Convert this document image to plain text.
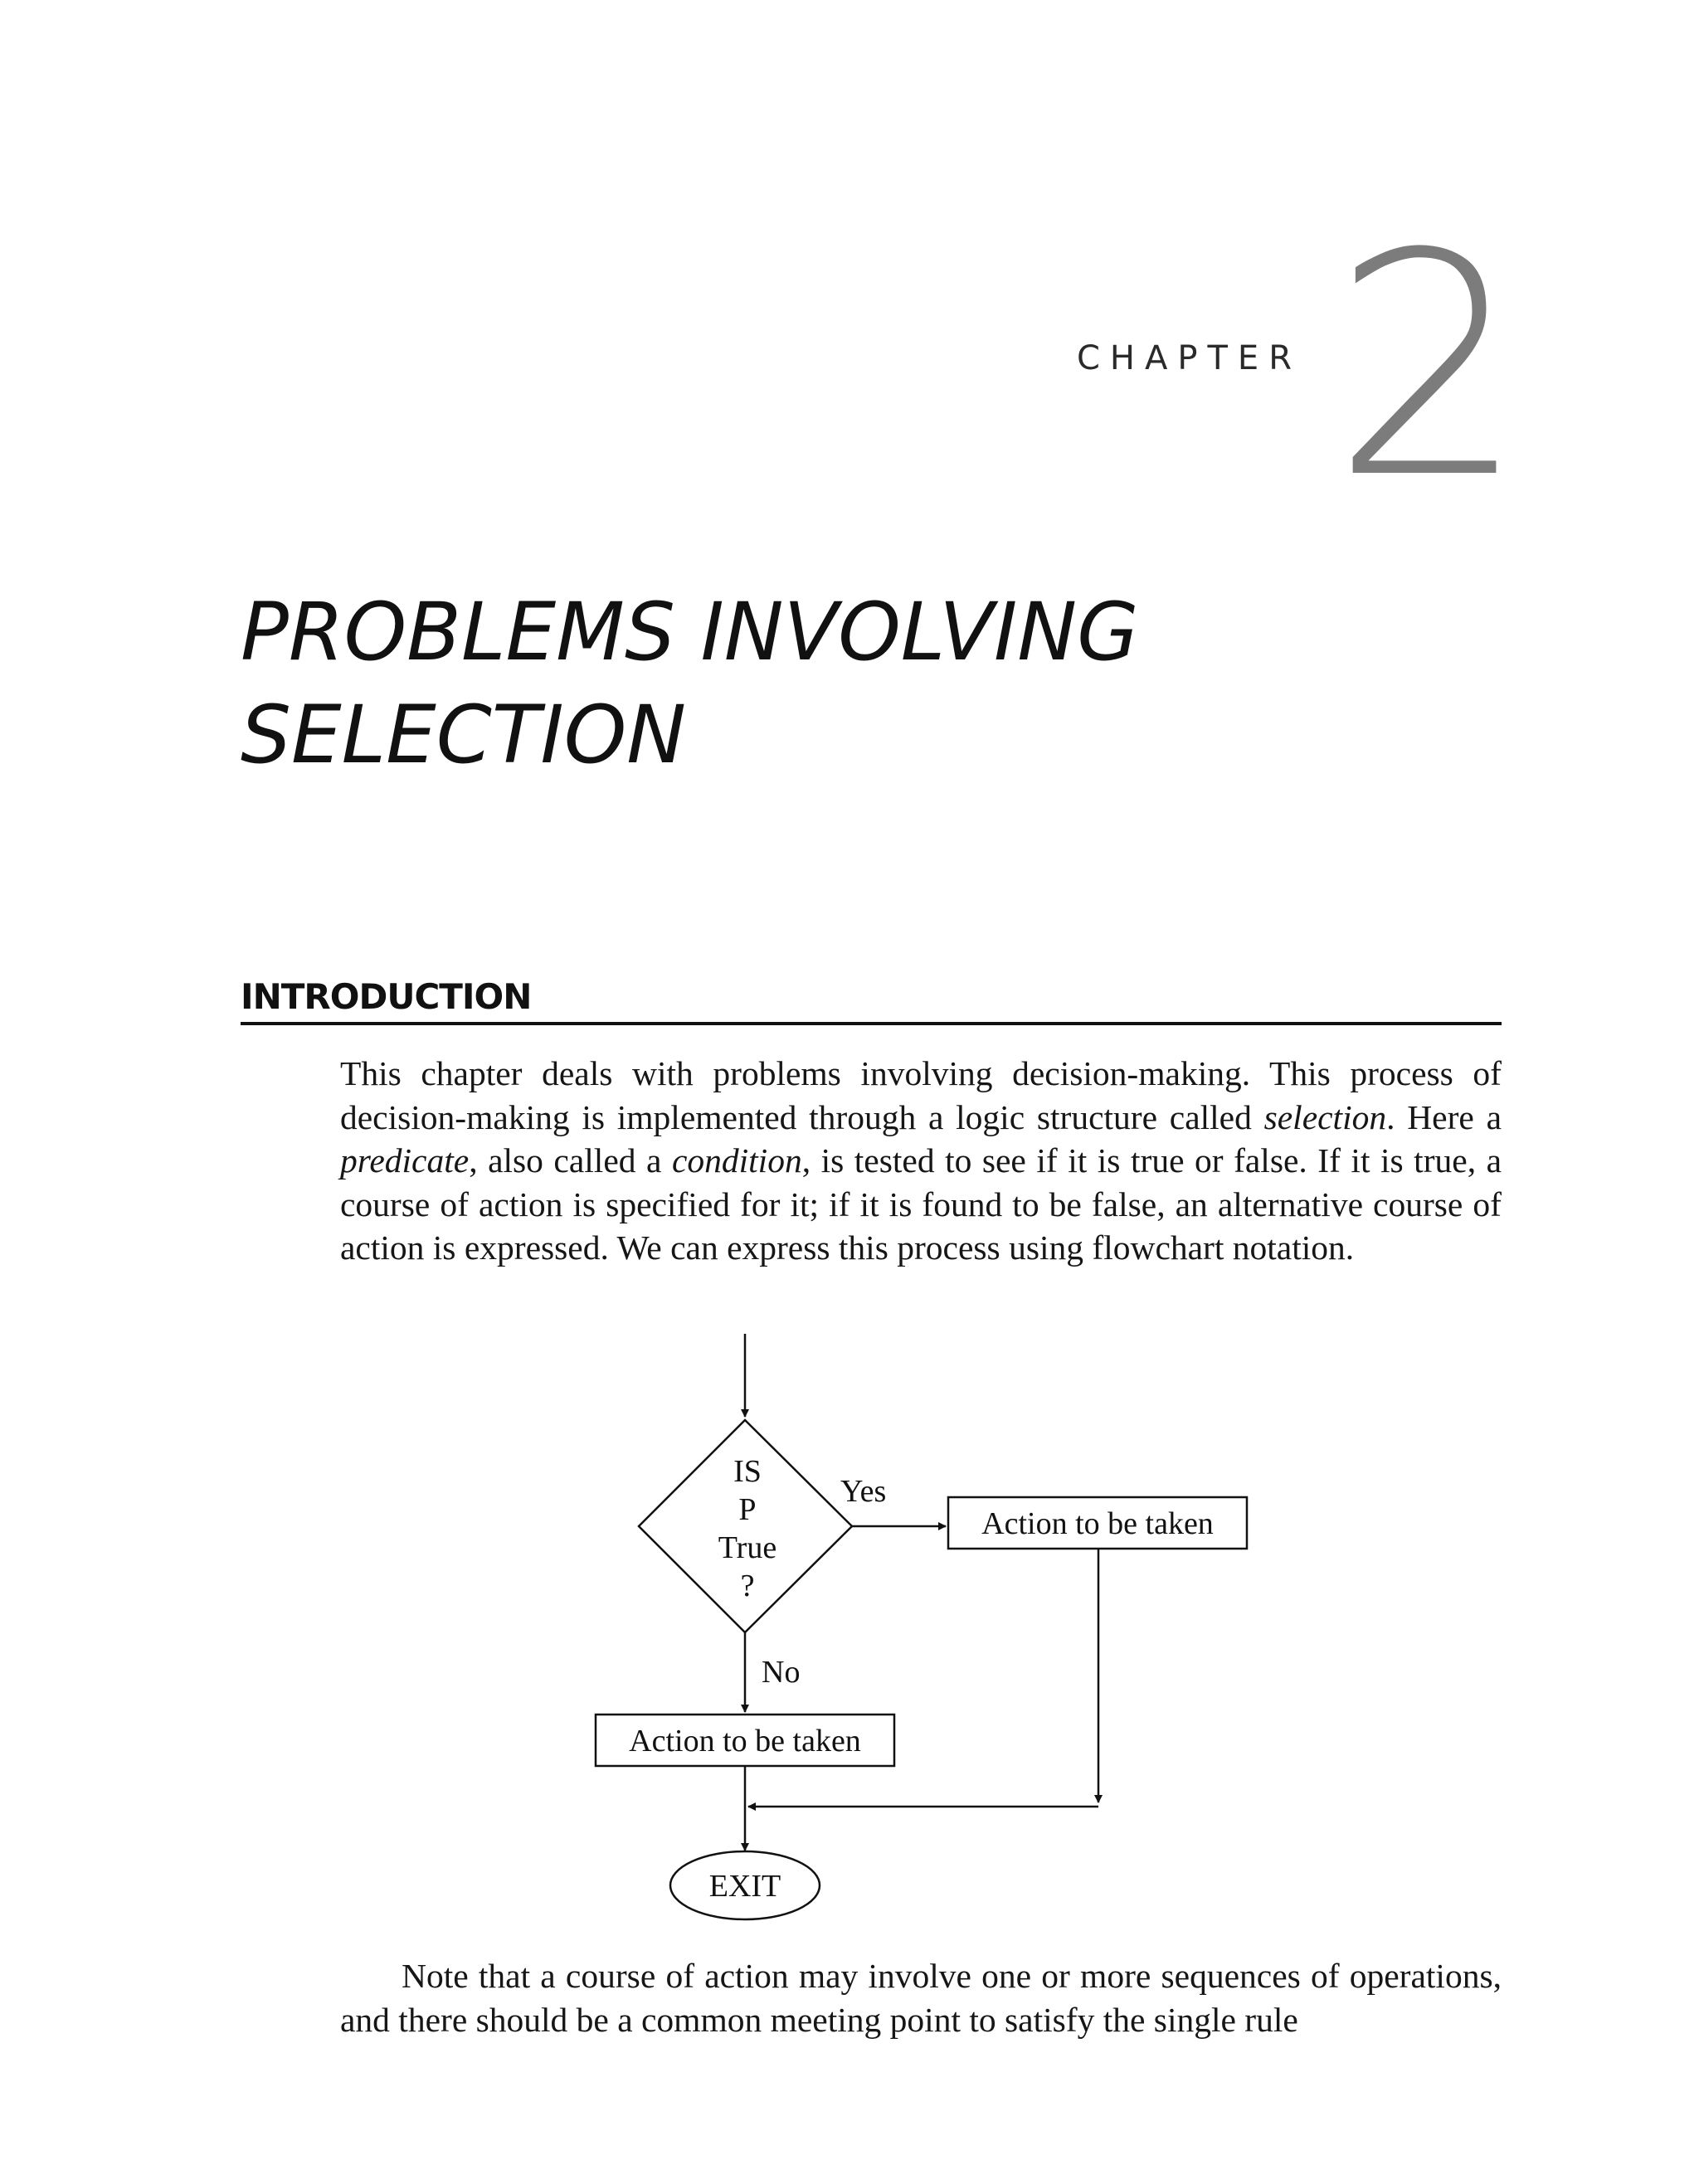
CHAPTER 2
PROBLEMS INVOLVING SELECTION
INTRODUCTION

This chapter deals with problems involving decision-making. This process of decision-making is implemented through a logic structure called selection. Here a predicate, also called a condition, is tested to see if it is true or false. If it is true, a course of action is specified for it; if it is found to be false, an alternative course of action is expressed. We can express this process using flowchart notation.

IS
P
True
?
Yes
Action to be taken
No
Action to be taken
EXIT

Note that a course of action may involve one or more sequences of operations, and there should be a common meeting point to satisfy the single rule
